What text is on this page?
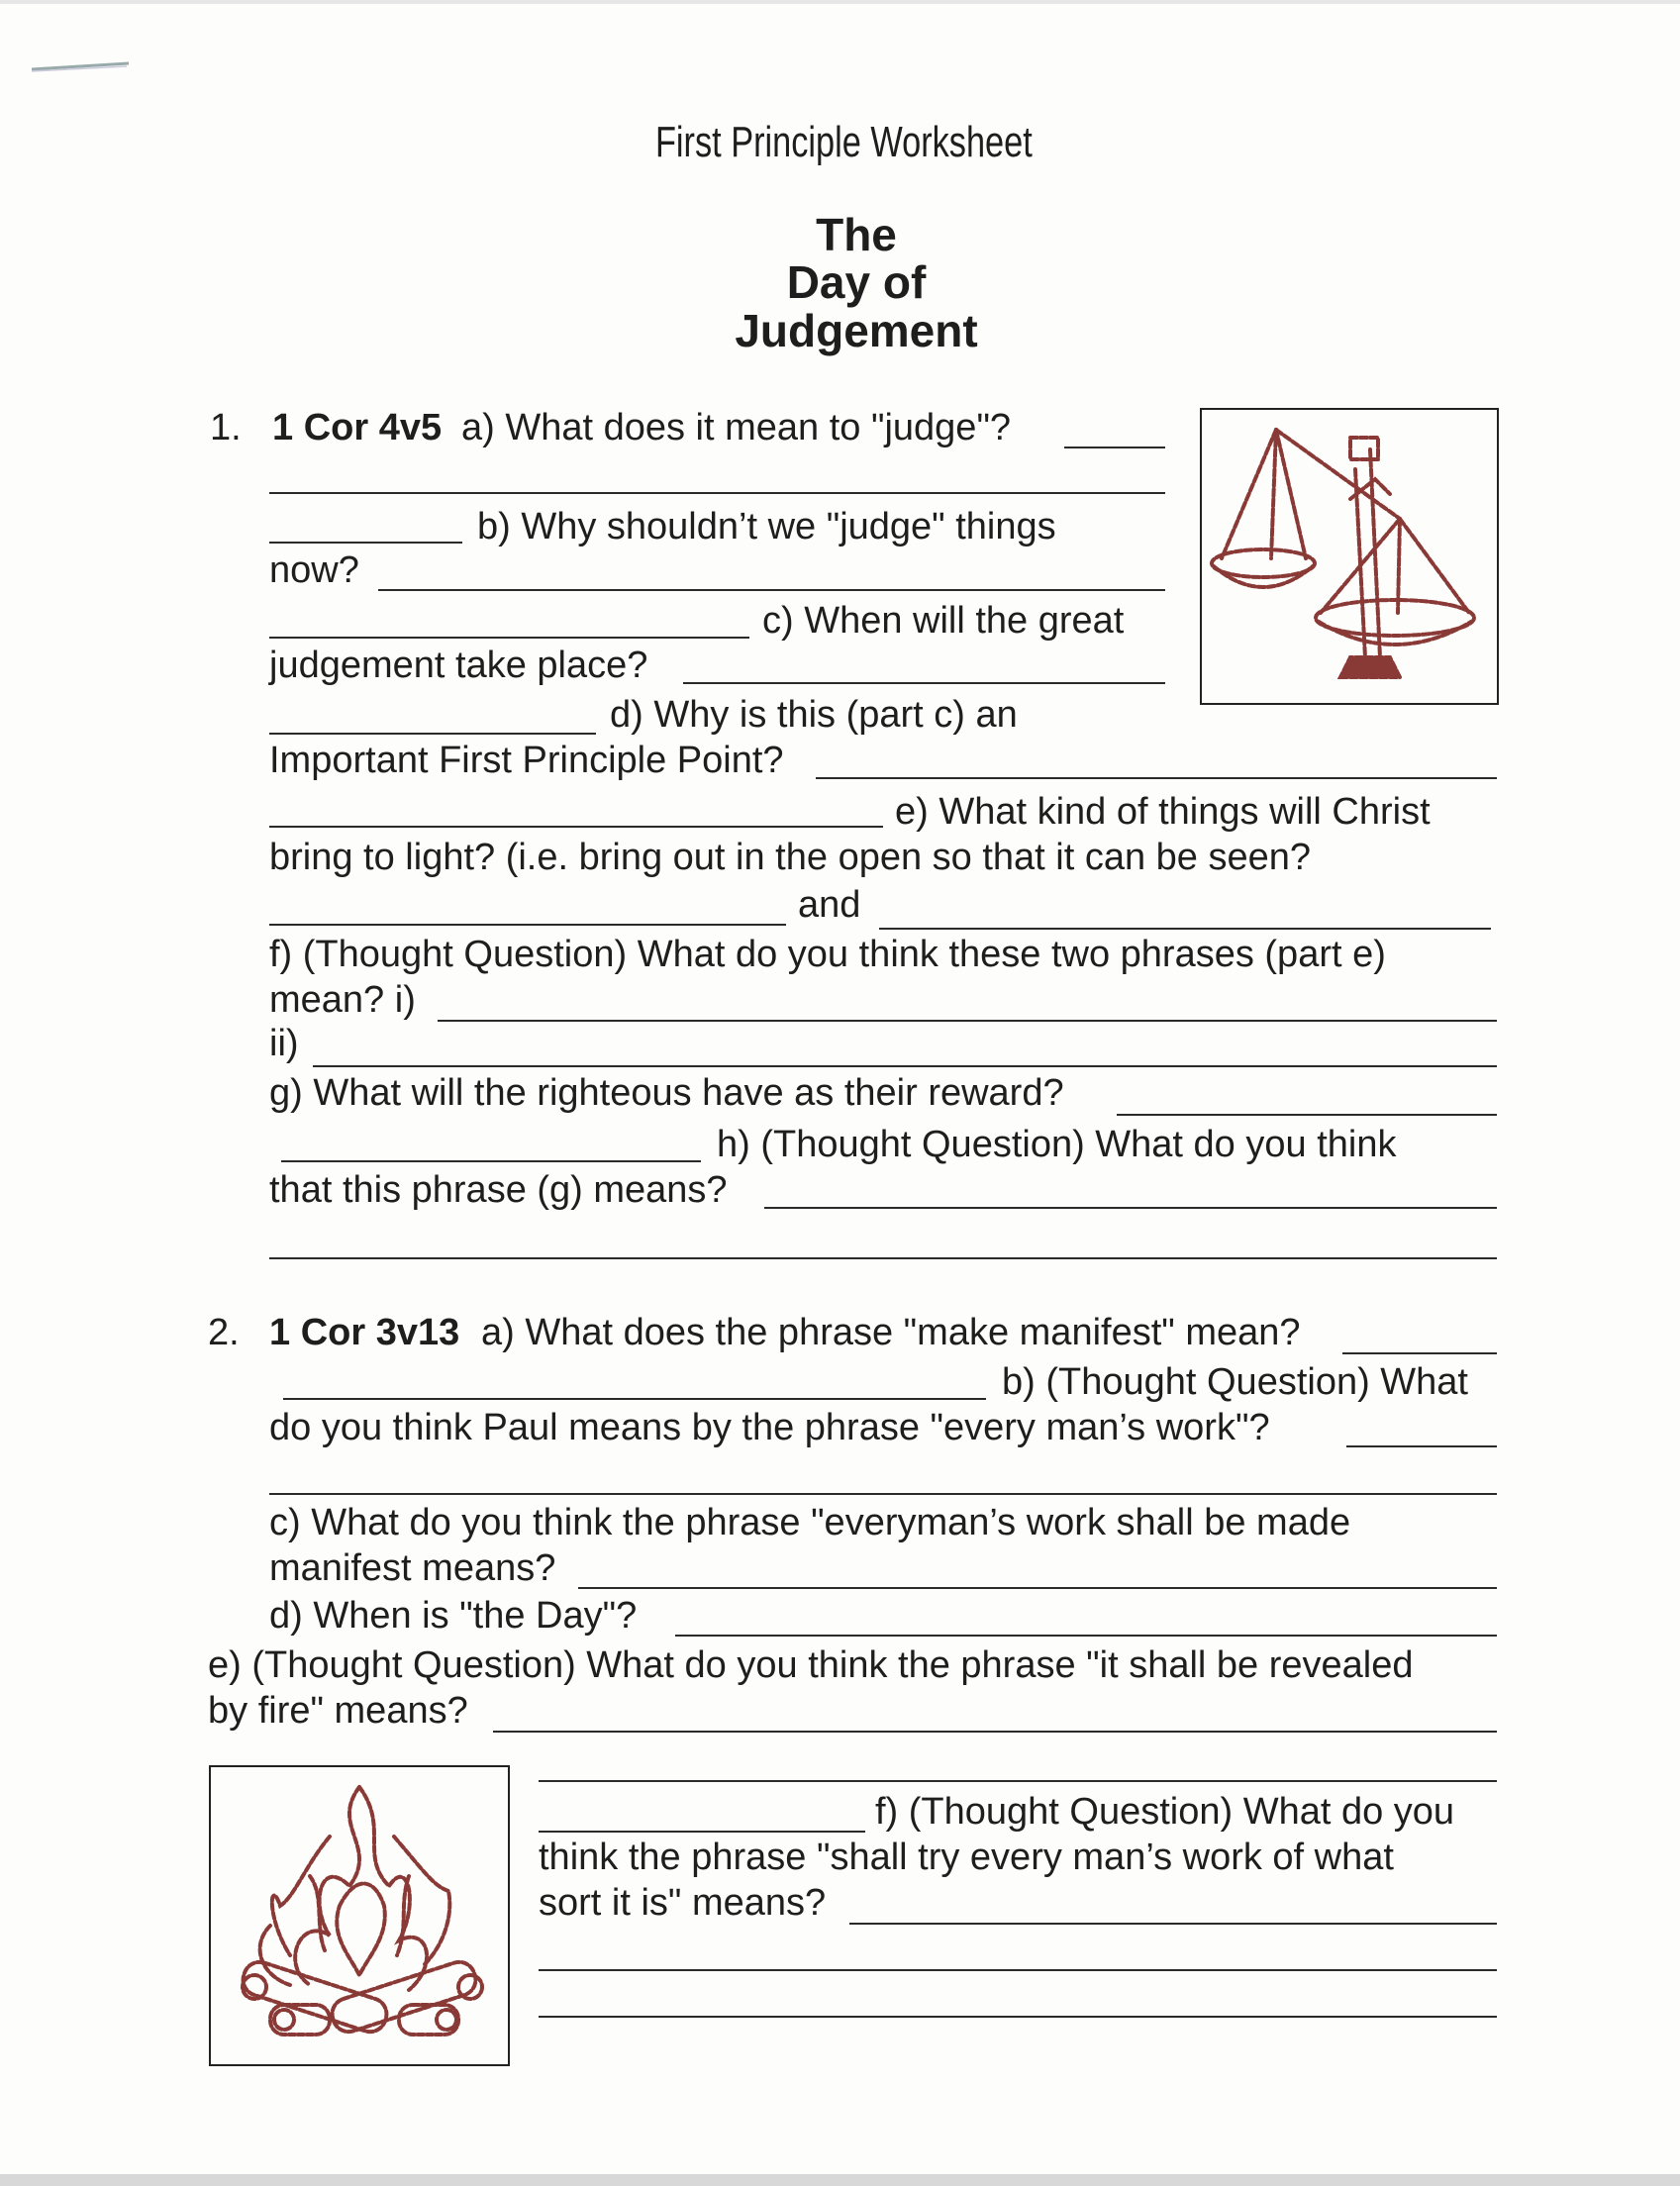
First Principle Worksheet
The
Day of
Judgement
1. 1 Cor 4v5 a) What does it mean to "judge"?
b) Why shouldn’t we "judge" things
now?
c) When will the great
judgement take place?
d) Why is this (part c) an
Important First Principle Point?
e) What kind of things will Christ
bring to light? (i.e. bring out in the open so that it can be seen?
and
f) (Thought Question) What do you think these two phrases (part e)
mean? i)
ii)
g) What will the righteous have as their reward?
h) (Thought Question) What do you think
that this phrase (g) means?
2. 1 Cor 3v13 a) What does the phrase "make manifest" mean?
b) (Thought Question) What
do you think Paul means by the phrase "every man’s work"?
c) What do you think the phrase "everyman’s work shall be made
manifest means?
d) When is "the Day"?
e) (Thought Question) What do you think the phrase "it shall be revealed
by fire" means?
f) (Thought Question) What do you
think the phrase "shall try every man’s work of what
sort it is" means?
